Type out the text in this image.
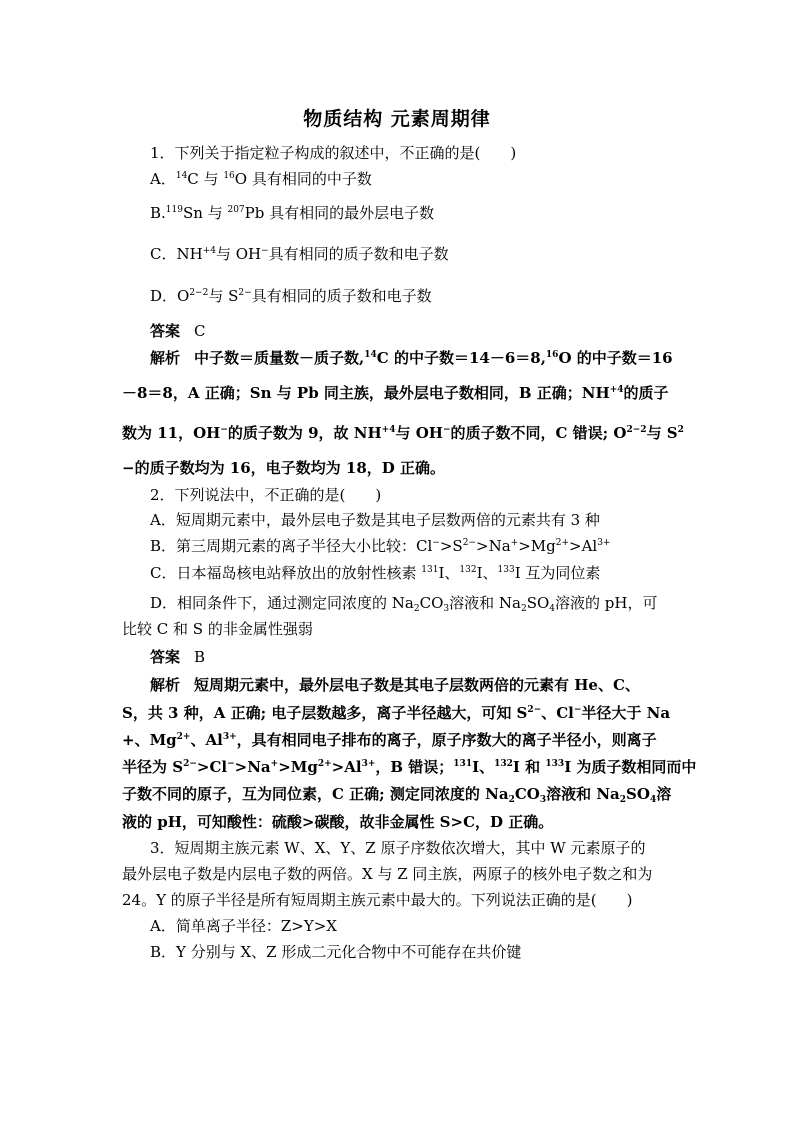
物质结构 元素周期律
1．下列关于指定粒子构成的叙述中，不正确的是(　　)
A．$^{14}$C 与 $^{16}$O 具有相同的中子数
B.$^{119}$Sn 与 $^{207}$Pb 具有相同的最外层电子数
C．$NH^{+4}$与 OH−具有相同的质子数和电子数
D．$O^{2-2}$与 $S^{2-}$具有相同的质子数和电子数
答案 C
解析 中子数＝质量数－质子数,$^{14}$C 的中子数＝14－6＝8,16O 的中子数＝16
－8＝8，A 正确；Sn 与 Pb 同主族，最外层电子数相同，B 正确；$NH^{+4}$的质子
数为 11，OH−的质子数为 9，故 $NH^{+4}$与 OH−的质子数不同，C 错误; $O^{2-2}$与 $S^2$
−的质子数均为 16，电子数均为 18，D 正确。
2．下列说法中，不正确的是(　　)
A．短周期元素中，最外层电子数是其电子层数两倍的元素共有 3 种
B．第三周期元素的离子半径大小比较：$Cl^->S^{2-}>Na^+>Mg^{2+}>Al^{3+}$
C．日本福岛核电站释放出的放射性核素 $^{131}$I、$^{132}$I、$^{133}$I 互为同位素
D．相同条件下，通过测定同浓度的 $Na_2CO_3$溶液和 $Na_2SO_4$溶液的 pH，可
比较 C 和 S 的非金属性强弱
答案 B
解析 短周期元素中，最外层电子数是其电子层数两倍的元素有 He、C、
S，共 3 种，A 正确; 电子层数越多，离子半径越大，可知 $S^{2-}$、Cl−半径大于 Na
+、$Mg^{2+}$、$Al^{3+}$，具有相同电子排布的离子，原子序数大的离子半径小，则离子
半径为 $S^{2-}>Cl^->Na^+>Mg^{2+}>Al^{3+}$，B 错误；$^{131}$I、$^{132}$I 和 $^{133}$I 为质子数相同而中
子数不同的原子，互为同位素，C 正确; 测定同浓度的 $Na_2CO_3$溶液和 $Na_2SO_4$溶
液的 pH，可知酸性：硫酸>碳酸，故非金属性 S>C，D 正确。
3．短周期主族元素 W、X、Y、Z 原子序数依次增大，其中 W 元素原子的
最外层电子数是内层电子数的两倍。X 与 Z 同主族，两原子的核外电子数之和为
24。Y 的原子半径是所有短周期主族元素中最大的。下列说法正确的是(　　)
A．简单离子半径：Z>Y>X
B．Y 分别与 X、Z 形成二元化合物中不可能存在共价键
